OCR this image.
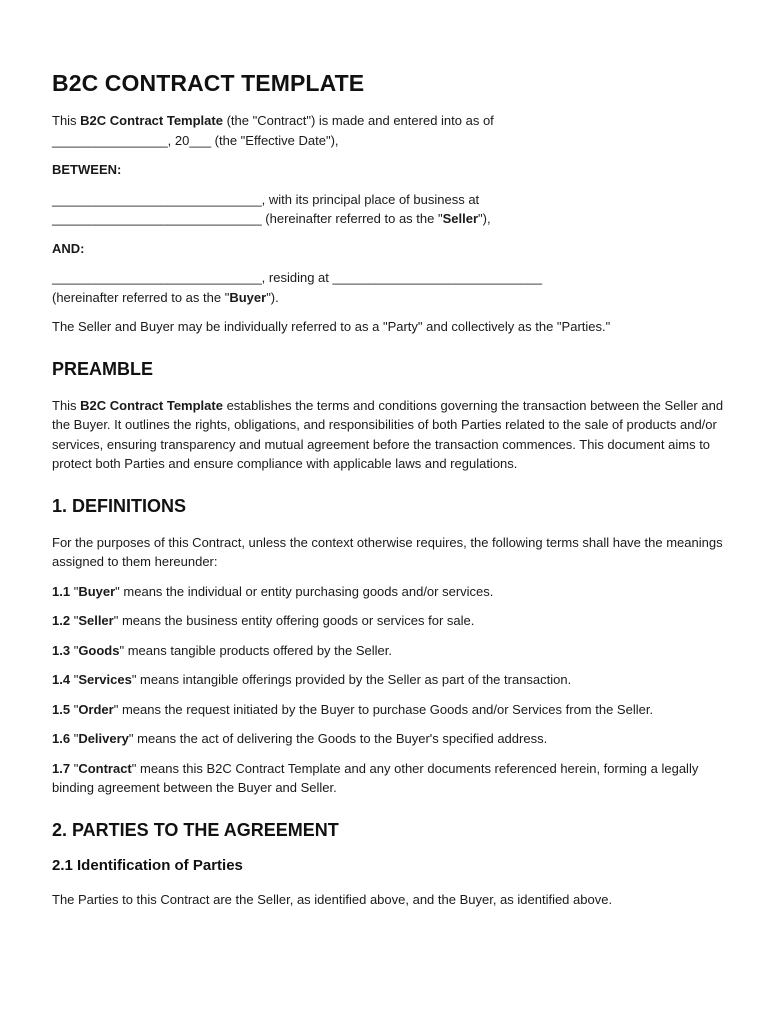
B2C CONTRACT TEMPLATE

This B2C Contract Template (the "Contract") is made and entered into as of
________________, 20___ (the "Effective Date"),

BETWEEN:

_____________________________, with its principal place of business at
_____________________________ (hereinafter referred to as the "Seller"),

AND:

_____________________________, residing at _____________________________
(hereinafter referred to as the "Buyer").

The Seller and Buyer may be individually referred to as a "Party" and collectively as the "Parties."

PREAMBLE

This B2C Contract Template establishes the terms and conditions governing the transaction between the Seller and the Buyer. It outlines the rights, obligations, and responsibilities of both Parties related to the sale of products and/or services, ensuring transparency and mutual agreement before the transaction commences. This document aims to protect both Parties and ensure compliance with applicable laws and regulations.

1. DEFINITIONS

For the purposes of this Contract, unless the context otherwise requires, the following terms shall have the meanings assigned to them hereunder:

1.1 "Buyer" means the individual or entity purchasing goods and/or services.

1.2 "Seller" means the business entity offering goods or services for sale.

1.3 "Goods" means tangible products offered by the Seller.

1.4 "Services" means intangible offerings provided by the Seller as part of the transaction.

1.5 "Order" means the request initiated by the Buyer to purchase Goods and/or Services from the Seller.

1.6 "Delivery" means the act of delivering the Goods to the Buyer's specified address.

1.7 "Contract" means this B2C Contract Template and any other documents referenced herein, forming a legally binding agreement between the Buyer and Seller.

2. PARTIES TO THE AGREEMENT
2.1 Identification of Parties

The Parties to this Contract are the Seller, as identified above, and the Buyer, as identified above.
